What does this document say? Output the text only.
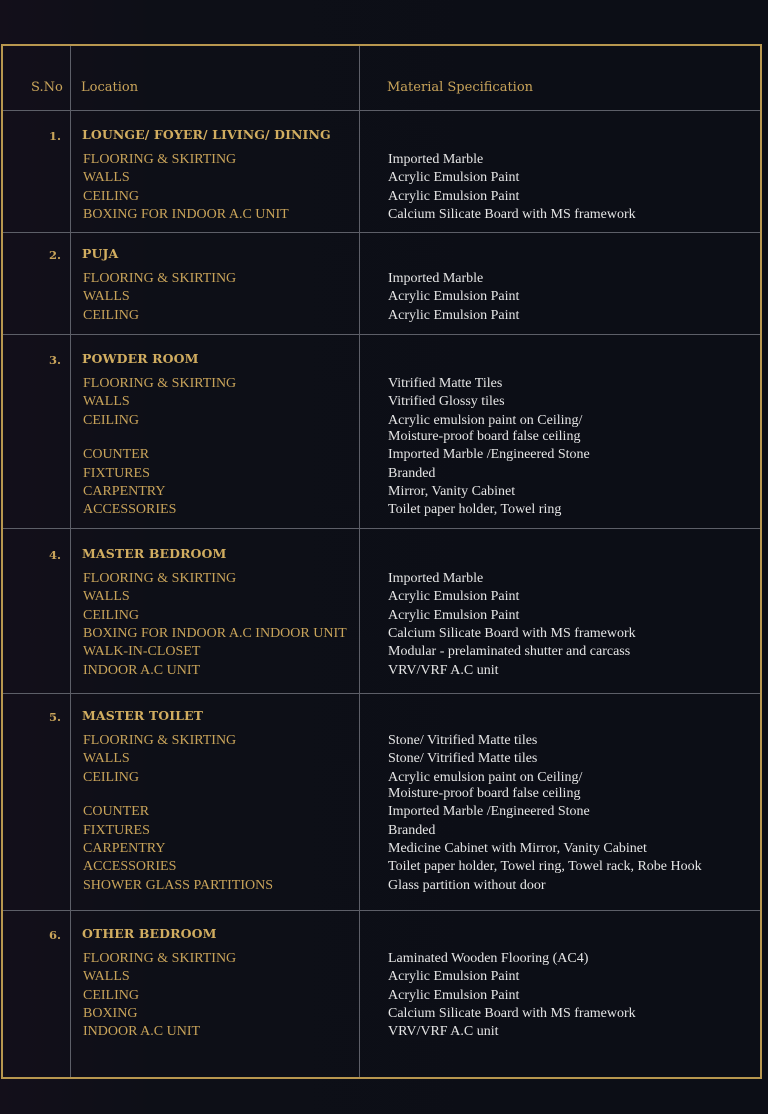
S.No Location	Material Specification
1. LOUNGE/ FOYER/ LIVING/ DINING
FLOORING & SKIRTING	Imported Marble
WALLS	Acrylic Emulsion Paint
CEILING	Acrylic Emulsion Paint
BOXING FOR INDOOR A.C UNIT	Calcium Silicate Board with MS framework
2. PUJA
FLOORING & SKIRTING	Imported Marble
WALLS	Acrylic Emulsion Paint
CEILING	Acrylic Emulsion Paint
3. POWDER ROOM
FLOORING & SKIRTING	Vitrified Matte Tiles
WALLS	Vitrified Glossy tiles
CEILING	Acrylic emulsion paint on Ceiling/
Moisture-proof board false ceiling
COUNTER	Imported Marble /Engineered Stone
FIXTURES	Branded
CARPENTRY	Mirror, Vanity Cabinet
ACCESSORIES	Toilet paper holder, Towel ring
4. MASTER BEDROOM
FLOORING & SKIRTING	Imported Marble
WALLS	Acrylic Emulsion Paint
CEILING	Acrylic Emulsion Paint
BOXING FOR INDOOR A.C INDOOR UNIT	Calcium Silicate Board with MS framework
WALK-IN-CLOSET	Modular - prelaminated shutter and carcass
INDOOR A.C UNIT	VRV/VRF A.C unit
5. MASTER TOILET
FLOORING & SKIRTING	Stone/ Vitrified Matte tiles
WALLS	Stone/ Vitrified Matte tiles
CEILING	Acrylic emulsion paint on Ceiling/
Moisture-proof board false ceiling
COUNTER	Imported Marble /Engineered Stone
FIXTURES	Branded
CARPENTRY	Medicine Cabinet with Mirror, Vanity Cabinet
ACCESSORIES	Toilet paper holder, Towel ring, Towel rack, Robe Hook
SHOWER GLASS PARTITIONS	Glass partition without door
6. OTHER BEDROOM
FLOORING & SKIRTING	Laminated Wooden Flooring (AC4)
WALLS	Acrylic Emulsion Paint
CEILING	Acrylic Emulsion Paint
BOXING	Calcium Silicate Board with MS framework
INDOOR A.C UNIT	VRV/VRF A.C unit
